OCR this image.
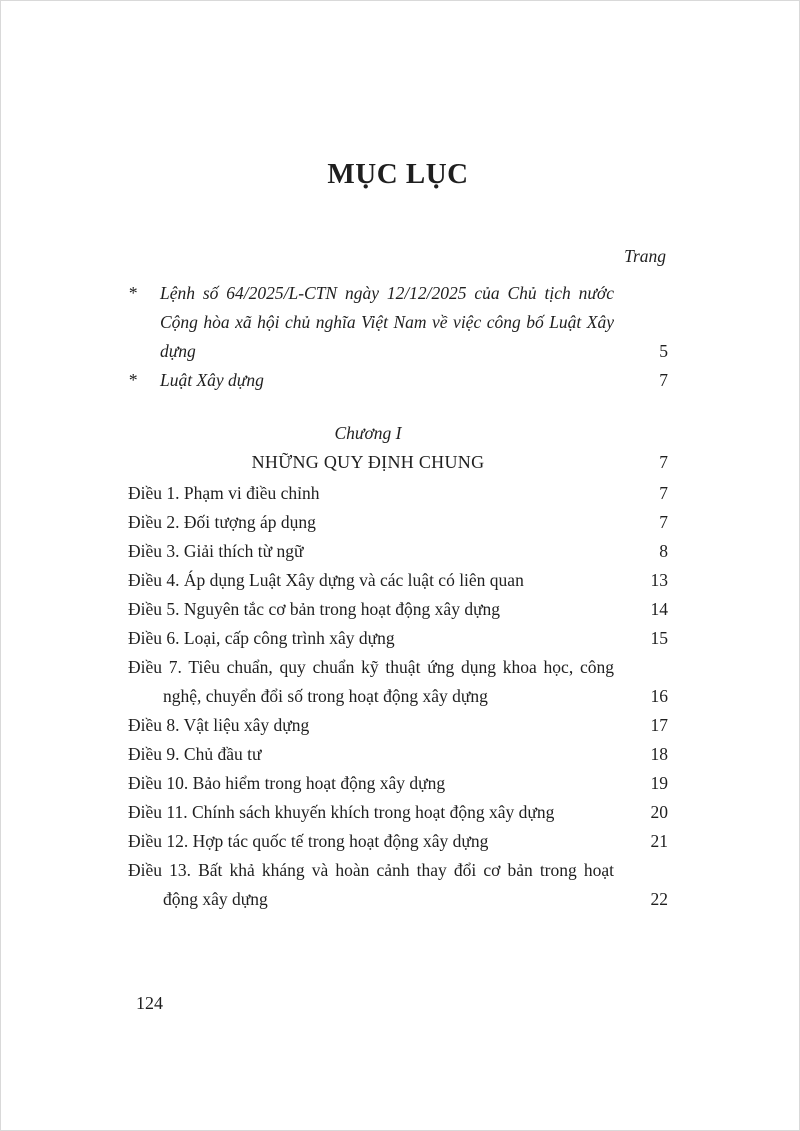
MỤC LỤC
Trang
*	Lệnh số 64/2025/L-CTN ngày 12/12/2025 của Chủ tịch nước Cộng hòa xã hội chủ nghĩa Việt Nam về việc công bố Luật Xây dựng	5
*	Luật Xây dựng	7
Chương I
NHỮNG QUY ĐỊNH CHUNG	7
Điều 1. Phạm vi điều chỉnh	7
Điều 2. Đối tượng áp dụng	7
Điều 3. Giải thích từ ngữ	8
Điều 4. Áp dụng Luật Xây dựng và các luật có liên quan	13
Điều 5. Nguyên tắc cơ bản trong hoạt động xây dựng	14
Điều 6. Loại, cấp công trình xây dựng	15
Điều 7. Tiêu chuẩn, quy chuẩn kỹ thuật ứng dụng khoa học, công nghệ, chuyển đổi số trong hoạt động xây dựng	16
Điều 8. Vật liệu xây dựng	17
Điều 9. Chủ đầu tư	18
Điều 10. Bảo hiểm trong hoạt động xây dựng	19
Điều 11. Chính sách khuyến khích trong hoạt động xây dựng	20
Điều 12. Hợp tác quốc tế trong hoạt động xây dựng	21
Điều 13. Bất khả kháng và hoàn cảnh thay đổi cơ bản trong hoạt động xây dựng	22
124
